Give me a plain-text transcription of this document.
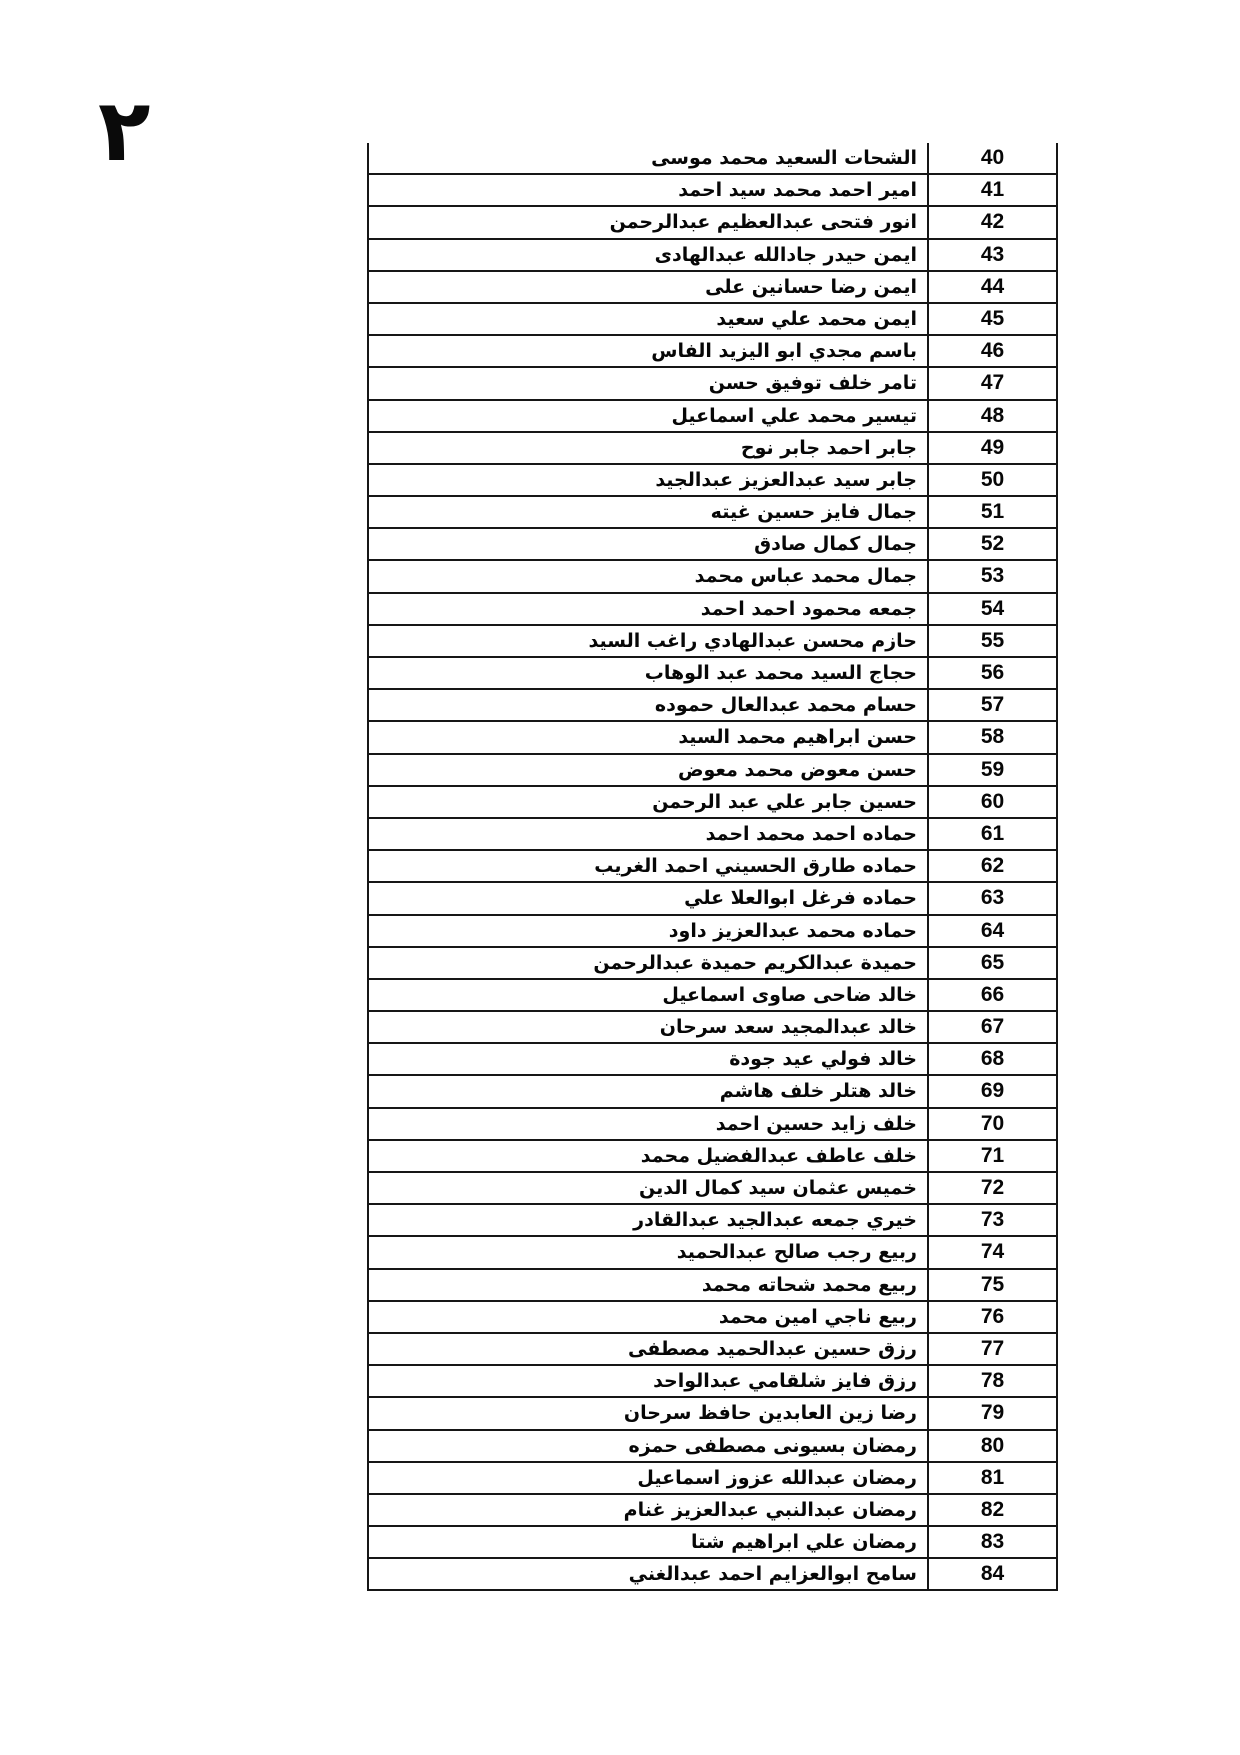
٢	الشحات السعيد محمد موسى	40
امير احمد محمد سيد احمد	41
انور فتحى عبدالعظيم عبدالرحمن	42
ايمن حيدر جادالله عبدالهادى	43
ايمن رضا حسانين على	44
ايمن محمد علي سعيد	45
باسم مجدي ابو اليزيد الفاس	46
تامر خلف توفيق حسن	47
تيسير محمد علي اسماعيل	48
جابر احمد جابر نوح	49
جابر سيد عبدالعزيز عبدالجيد	50
جمال فايز حسين غيته	51
جمال كمال صادق	52
جمال محمد عباس محمد	53
جمعه محمود احمد احمد	54
حازم محسن عبدالهادي راغب السيد	55
حجاج السيد محمد عبد الوهاب	56
حسام محمد عبدالعال حموده	57
حسن ابراهيم محمد السيد	58
حسن معوض محمد معوض	59
حسين جابر علي عبد الرحمن	60
حماده احمد محمد احمد	61
حماده طارق الحسيني احمد الغريب	62
حماده فرغل ابوالعلا علي	63
حماده محمد عبدالعزيز داود	64
حميدة عبدالكريم حميدة عبدالرحمن	65
خالد ضاحى صاوى اسماعيل	66
خالد عبدالمجيد سعد سرحان	67
خالد فولي عيد جودة	68
خالد هتلر خلف هاشم	69
خلف زايد حسين احمد	70
خلف عاطف عبدالفضيل محمد	71
خميس عثمان سيد كمال الدين	72
خيري جمعه عبدالجيد عبدالقادر	73
ربيع رجب صالح عبدالحميد	74
ربيع محمد شحاته محمد	75
ربيع ناجي امين محمد	76
رزق حسين عبدالحميد مصطفى	77
رزق فايز شلقامي عبدالواحد	78
رضا زين العابدين حافظ سرحان	79
رمضان بسيونى مصطفى حمزه	80
رمضان عبدالله عزوز اسماعيل	81
رمضان عبدالنبي عبدالعزيز غنام	82
رمضان علي ابراهيم شتا	83
سامح ابوالعزايم احمد عبدالغني	84
